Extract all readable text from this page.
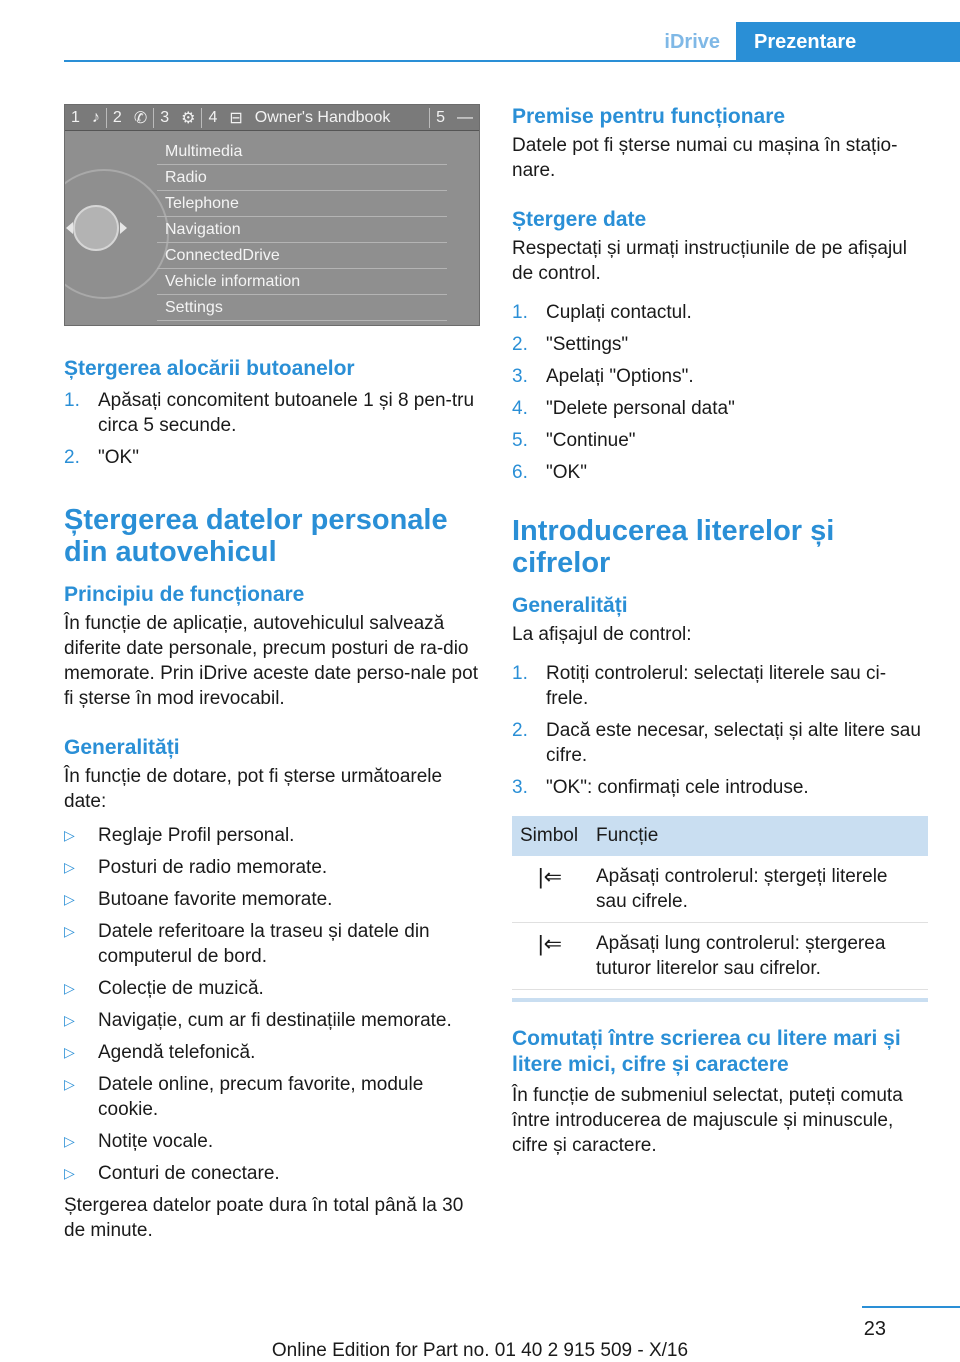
iDrive	Prezentare
1 ♪ 2 ✆ 3 ⚙ 4 ⊟ Owner's Handbook	5 —
Multimedia
Radio
Telephone
Navigation
ConnectedDrive
Vehicle information
Settings
Ștergerea alocării butoanelor
1. Apăsați concomitent butoanele 1 și 8 pen‐tru circa 5 secunde.
2. "OK"
Ștergerea datelor personale din autovehicul
Principiu de funcționare
În funcție de aplicație, autovehiculul salvează diferite date personale, precum posturi de ra‐dio memorate. Prin iDrive aceste date perso‐nale pot fi șterse în mod irevocabil.
Generalități
În funcție de dotare, pot fi șterse următoarele date:
▷ Reglaje Profil personal.
▷ Posturi de radio memorate.
▷ Butoane favorite memorate.
▷ Datele referitoare la traseu și datele din computerul de bord.
▷ Colecție de muzică.
▷ Navigație, cum ar fi destinațiile memorate.
▷ Agendă telefonică.
▷ Datele online, precum favorite, module cookie.
▷ Notițe vocale.
▷ Conturi de conectare.
Ștergerea datelor poate dura în total până la 30 de minute.
Premise pentru funcționare
Datele pot fi șterse numai cu mașina în stațio‐nare.
Ștergere date
Respectați și urmați instrucțiunile de pe afișajul de control.
1. Cuplați contactul.
2. "Settings"
3. Apelați "Options".
4. "Delete personal data"
5. "Continue"
6. "OK"
Introducerea literelor și cifrelor
Generalități
La afișajul de control:
1. Rotiți controlerul: selectați literele sau ci‐frele.
2. Dacă este necesar, selectați și alte litere sau cifre.
3. "OK": confirmați cele introduse.
Simbol	Funcție
|⇐	Apăsați controlerul: ștergeți literele sau cifrele.
|⇐	Apăsați lung controlerul: ștergerea tuturor literelor sau cifrelor.
Comutați între scrierea cu litere mari și litere mici, cifre și caractere
În funcție de submeniul selectat, puteți comuta între introducerea de majuscule și minuscule, cifre și caractere.
23
Online Edition for Part no. 01 40 2 915 509 - X/16
